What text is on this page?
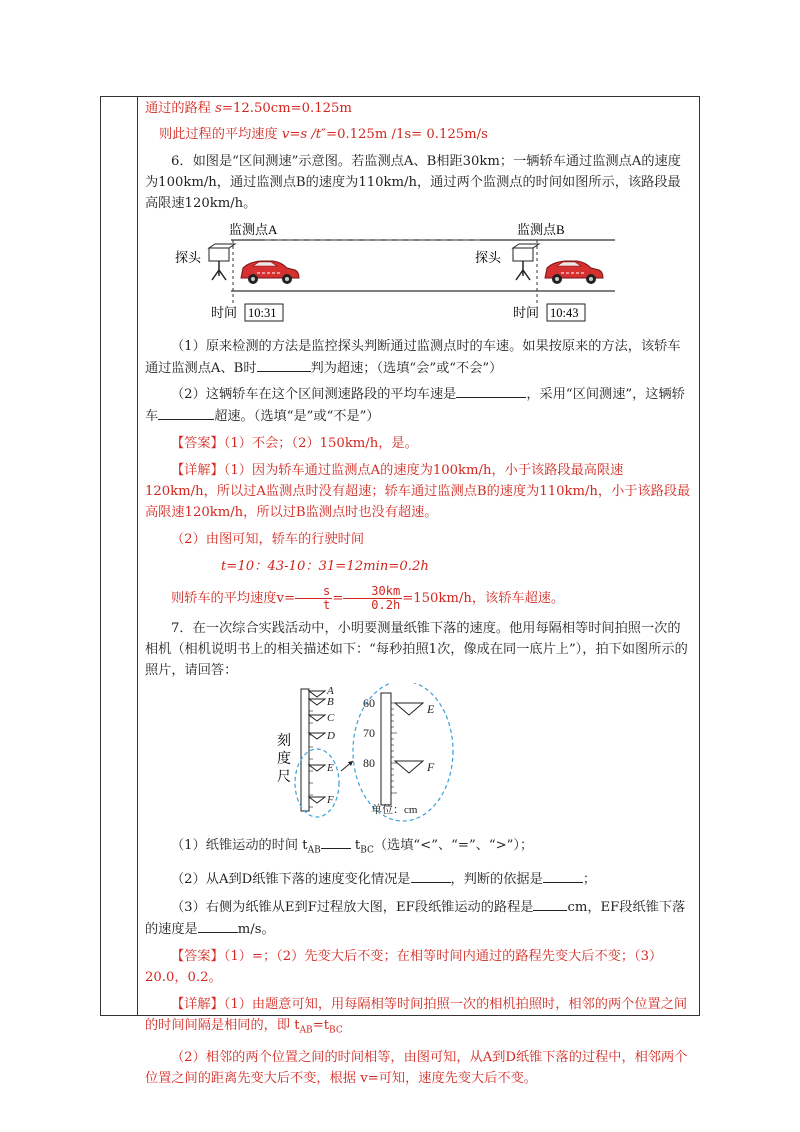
通过的路程 s=12.50cm=0.125m

则此过程的平均速度 v=s /t″=0.125m /1s= 0.125m/s

6．如图是“区间测速”示意图。若监测点A、B相距30km；一辆轿车通过监测点A的速度为100km/h，通过监测点B的速度为110km/h，通过两个监测点的时间如图所示，该路段最高限速120km/h。

监测点A	监测点B
探头	探头
时间 10:31	时间 10:43

（1）原来检测的方法是监控探头判断通过监测点时的车速。如果按原来的方法，该轿车通过监测点A、B时	判为超速；（选填“会”或“不会”）

（2）这辆轿车在这个区间测速路段的平均车速是	，采用“区间测速”，这辆轿车	超速。（选填“是”或“不是”）

【答案】（1）不会；（2）150km/h，是。

【详解】（1）因为轿车通过监测点A的速度为100km/h，小于该路段最高限速120km/h，所以过A监测点时没有超速；轿车通过监测点B的速度为110km/h，小于该路段最高限速120km/h，所以过B监测点时也没有超速。

（2）由图可知，轿车的行驶时间

t=10：43-10：31=12min=0.2h

则轿车的平均速度$v= \frac{s}{t} = \frac{30km}{0.2h} =150km/h$，该轿车超速。

7．在一次综合实践活动中，小明要测量纸锥下落的速度。他用每隔相等时间拍照一次的相机（相机说明书上的相关描述如下：“每秒拍照1次，像成在同一底片上”），拍下如图所示的照片，请回答：

刻度尺
A
B
C
D
E
F
60
70
80
E
F
单位：cm

（1）纸锥运动的时间 $t_{AB}$ $t_{BC}$（选填“<”、“=”、“>”）；

（2）从A到D纸锥下落的速度变化情况是	，判断的依据是	；

（3）右侧为纸锥从E到F过程放大图，EF段纸锥运动的路程是	cm，EF段纸锥下落的速度是	m/s。

【答案】（1）=；（2）先变大后不变；在相等时间内通过的路程先变大后不变；（3）20.0，0.2。

【详解】（1）由题意可知，用每隔相等时间拍照一次的相机拍照时，相邻的两个位置之间的时间间隔是相同的，即 $t_{AB}=t_{BC}$

（2）相邻的两个位置之间的时间相等，由图可知，从A到D纸锥下落的过程中，相邻两个位置之间的距离先变大后不变，根据 v=可知，速度先变大后不变。
